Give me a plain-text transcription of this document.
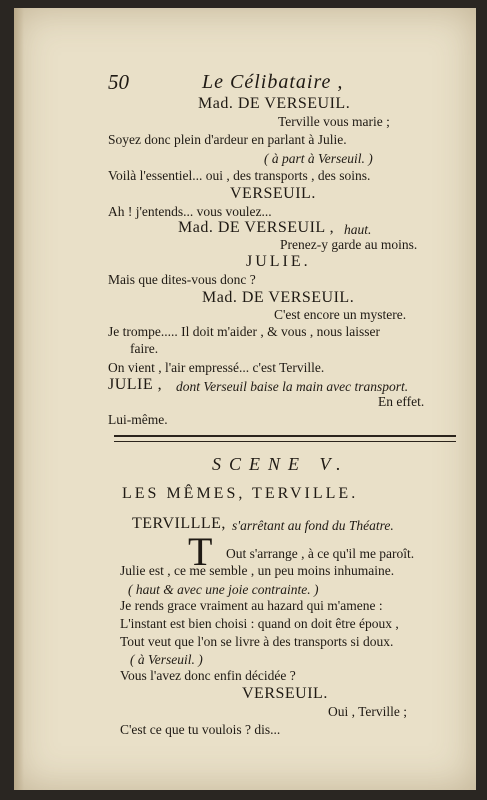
50	Le Célibataire ,
Mad. DE VERSEUIL.
Terville vous marie ;
Soyez donc plein d'ardeur en parlant à Julie.
( à part à Verseuil. )
Voilà l'essentiel... oui , des transports , des soins.
VERSEUIL.
Ah ! j'entends... vous voulez...
Mad. DE VERSEUIL , haut.
Prenez-y garde au moins.
JULIE.
Mais que dites-vous donc ?
Mad. DE VERSEUIL.
C'est encore un mystere.
Je trompe..... Il doit m'aider , & vous , nous laisser
faire.
On vient , l'air empressé... c'est Terville.
JULIE , dont Verseuil baise la main avec transport.
En effet.
Lui-même.
SCENE V.
LES MÊMES, TERVILLE.
TERVILLLE, s'arrêtant au fond du Théatre.
T Out s'arrange , à ce qu'il me paroît.
Julie est , ce me semble , un peu moins inhumaine.
( haut & avec une joie contrainte. )
Je rends grace vraiment au hazard qui m'amene :
L'instant est bien choisi : quand on doit être époux ,
Tout veut que l'on se livre à des transports si doux.
( à Verseuil. )
Vous l'avez donc enfin décidée ?
VERSEUIL.
Oui , Terville ;
C'est ce que tu voulois ? dis...
